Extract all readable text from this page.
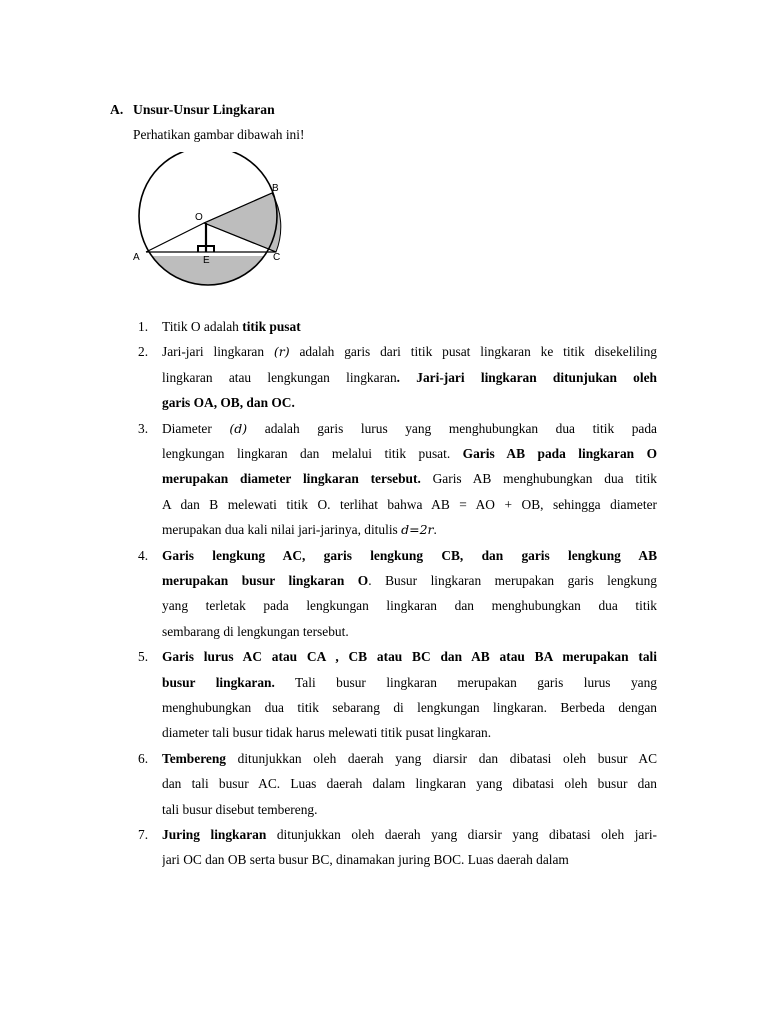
A. Unsur-Unsur Lingkaran
Perhatikan gambar dibawah ini!
O
A
B
C
E
1.	Titik O adalah titik pusat
2.	Jari-jari lingkaran (𝑟) adalah garis dari titik pusat lingkaran ke titik disekeliling
lingkaran atau lengkungan lingkaran. Jari-jari lingkaran ditunjukan oleh
garis OA, OB, dan OC.
3.	Diameter (𝑑) adalah garis lurus yang menghubungkan dua titik pada
lengkungan lingkaran dan melalui titik pusat. Garis AB pada lingkaran O
merupakan diameter lingkaran tersebut. Garis AB menghubungkan dua titik
A dan B melewati titik O. terlihat bahwa AB = AO + OB, sehingga diameter
merupakan dua kali nilai jari-jarinya, ditulis 𝑑=2𝑟.
4.	Garis lengkung AC, garis lengkung CB, dan garis lengkung AB
merupakan busur lingkaran O. Busur lingkaran merupakan garis lengkung
yang terletak pada lengkungan lingkaran dan menghubungkan dua titik
sembarang di lengkungan tersebut.
5.	Garis lurus AC atau CA , CB atau BC dan AB atau BA merupakan tali
busur lingkaran. Tali busur lingkaran merupakan garis lurus yang
menghubungkan dua titik sebarang di lengkungan lingkaran. Berbeda dengan
diameter tali busur tidak harus melewati titik pusat lingkaran.
6.	Tembereng ditunjukkan oleh daerah yang diarsir dan dibatasi oleh busur AC
dan tali busur AC. Luas daerah dalam lingkaran yang dibatasi oleh busur dan
tali busur disebut tembereng.
7.	Juring lingkaran ditunjukkan oleh daerah yang diarsir yang dibatasi oleh jari-
jari OC dan OB serta busur BC, dinamakan juring BOC. Luas daerah dalam
